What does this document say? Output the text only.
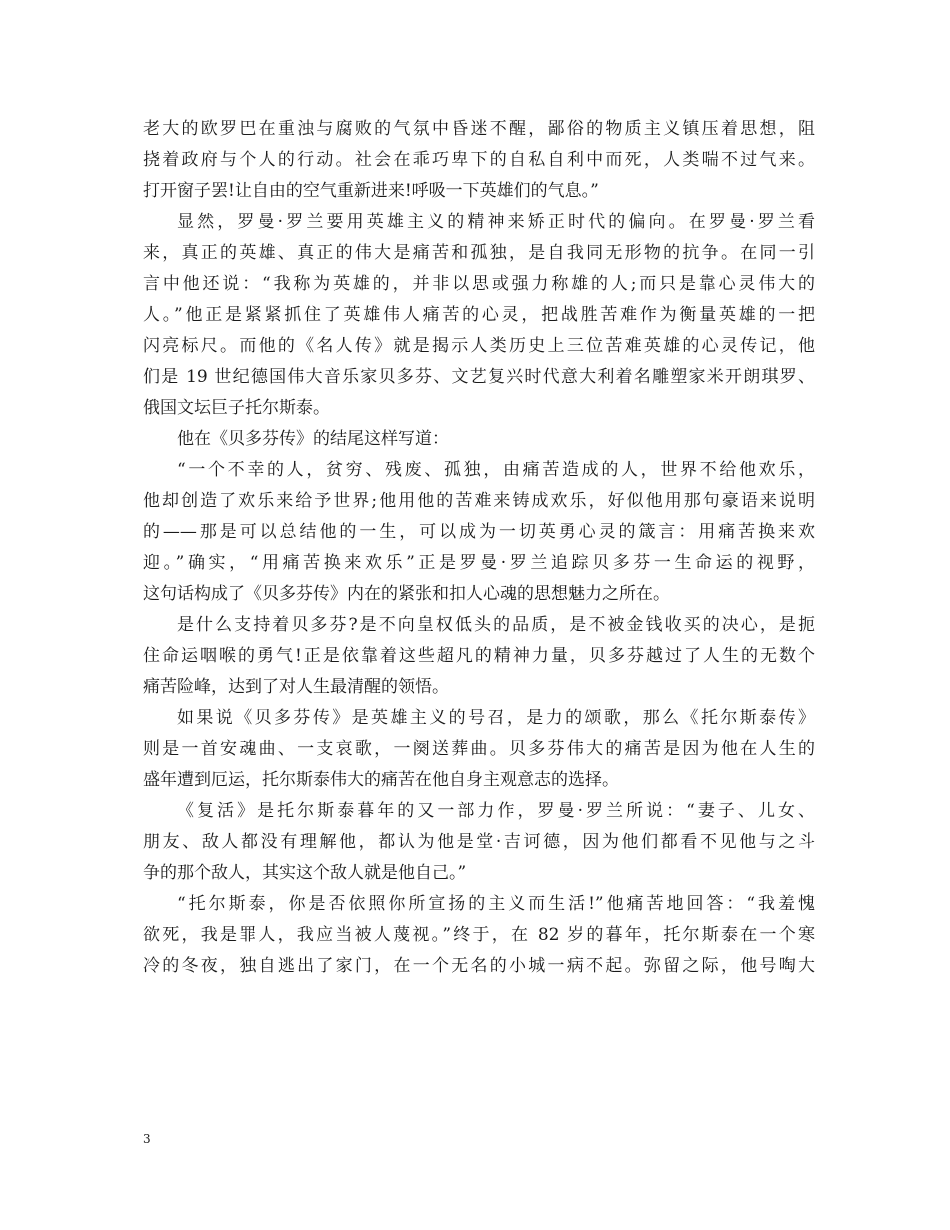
老大的欧罗巴在重浊与腐败的气氛中昏迷不醒，鄙俗的物质主义镇压着思想，阻
挠着政府与个人的行动。社会在乖巧卑下的自私自利中而死，人类喘不过气来。
打开窗子罢!让自由的空气重新进来!呼吸一下英雄们的气息。”
显然，罗曼·罗兰要用英雄主义的精神来矫正时代的偏向。在罗曼·罗兰看
来，真正的英雄、真正的伟大是痛苦和孤独，是自我同无形物的抗争。在同一引
言中他还说：“我称为英雄的，并非以思或强力称雄的人;而只是靠心灵伟大的
人。”他正是紧紧抓住了英雄伟人痛苦的心灵，把战胜苦难作为衡量英雄的一把
闪亮标尺。而他的《名人传》就是揭示人类历史上三位苦难英雄的心灵传记，他
们是 19 世纪德国伟大音乐家贝多芬、文艺复兴时代意大利着名雕塑家米开朗琪罗、
俄国文坛巨子托尔斯泰。
他在《贝多芬传》的结尾这样写道：
“一个不幸的人，贫穷、残废、孤独，由痛苦造成的人，世界不给他欢乐，
他却创造了欢乐来给予世界;他用他的苦难来铸成欢乐，好似他用那句豪语来说明
的——那是可以总结他的一生，可以成为一切英勇心灵的箴言：用痛苦换来欢
迎。”确实，“用痛苦换来欢乐”正是罗曼·罗兰追踪贝多芬一生命运的视野，
这句话构成了《贝多芬传》内在的紧张和扣人心魂的思想魅力之所在。
是什么支持着贝多芬?是不向皇权低头的品质，是不被金钱收买的决心，是扼
住命运咽喉的勇气!正是依靠着这些超凡的精神力量，贝多芬越过了人生的无数个
痛苦险峰，达到了对人生最清醒的领悟。
如果说《贝多芬传》是英雄主义的号召，是力的颂歌，那么《托尔斯泰传》
则是一首安魂曲、一支哀歌，一阕送葬曲。贝多芬伟大的痛苦是因为他在人生的
盛年遭到厄运，托尔斯泰伟大的痛苦在他自身主观意志的选择。
《复活》是托尔斯泰暮年的又一部力作，罗曼·罗兰所说：“妻子、儿女、
朋友、敌人都没有理解他，都认为他是堂·吉诃德，因为他们都看不见他与之斗
争的那个敌人，其实这个敌人就是他自己。”
“托尔斯泰，你是否依照你所宣扬的主义而生活!”他痛苦地回答：“我羞愧
欲死，我是罪人，我应当被人蔑视。”终于，在 82 岁的暮年，托尔斯泰在一个寒
冷的冬夜，独自逃出了家门，在一个无名的小城一病不起。弥留之际，他号啕大
3
